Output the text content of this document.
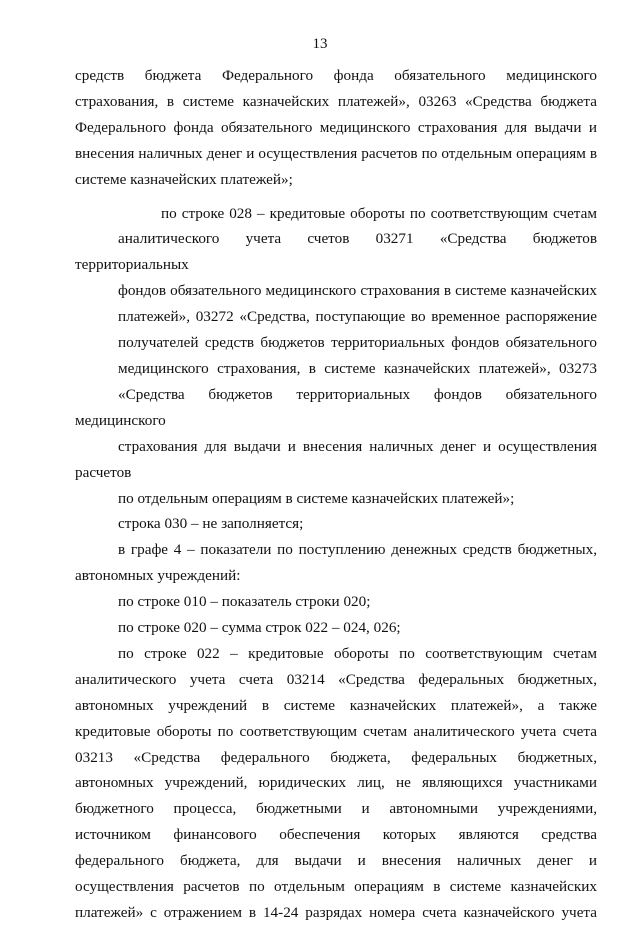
13
средств бюджета Федерального фонда обязательного медицинского
страхования, в системе казначейских платежей», 03263 «Средства бюджета
Федерального фонда обязательного медицинского страхования для выдачи и
внесения наличных денег и осуществления расчетов по отдельным операциям в
системе казначейских платежей»;
по строке 028 – кредитовые обороты по соответствующим счетам
аналитического учета счетов 03271 «Средства бюджетов территориальных
фондов обязательного медицинского страхования в системе казначейских
платежей», 03272 «Средства, поступающие во временное распоряжение
получателей средств бюджетов территориальных фондов обязательного
медицинского страхования, в системе казначейских платежей», 03273
«Средства бюджетов территориальных фондов обязательного медицинского
страхования для выдачи и внесения наличных денег и осуществления расчетов
по отдельным операциям в системе казначейских платежей»;
строка 030 – не заполняется;
в графе 4 – показатели по поступлению денежных средств бюджетных,
автономных учреждений:
по строке 010 – показатель строки 020;
по строке 020 – сумма строк 022 – 024, 026;
по строке 022 – кредитовые обороты по соответствующим счетам
аналитического учета счета 03214 «Средства федеральных бюджетных,
автономных учреждений в системе казначейских платежей», а также
кредитовые обороты по соответствующим счетам аналитического учета счета
03213 «Средства федерального бюджета, федеральных бюджетных,
автономных учреждений, юридических лиц, не являющихся участниками
бюджетного процесса, бюджетными и автономными учреждениями,
источником финансового обеспечения которых являются средства
федерального бюджета, для выдачи и внесения наличных денег и
осуществления расчетов по отдельным операциям в системе казначейских
платежей» с отражением в 14-24 разрядах номера счета казначейского учета
